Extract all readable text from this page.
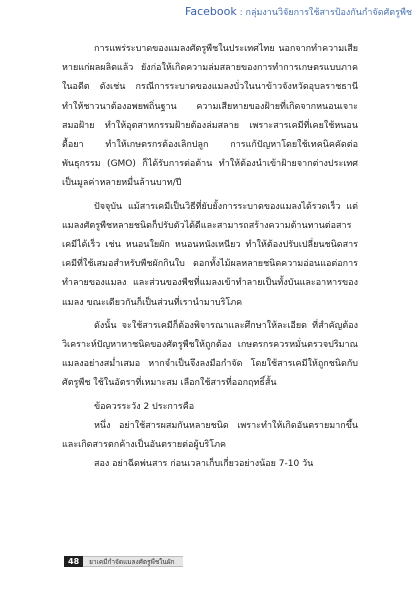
Facebook : กลุ่มงานวิจัยการใช้สารป้องกันกำจัดศัตรูพืช

การแพร่ระบาดของแมลงศัตรูพืชในประเทศไทย นอกจากทำความเสียหายแก่ผลผลิตแล้ว ยังก่อให้เกิดความล่มสลายของการทำการเกษตรแบบภาคในอดีต ดังเช่น กรณีการระบาดของแมลงบั่วในนาข้าวจังหวัดอุบลราชธานี ทำให้ชาวนาต้องอพยพถิ่นฐาน ความเสียหายของฝ้ายที่เกิดจากหนอนเจาะสมอฝ้าย ทำให้อุตสาหกรรมฝ้ายต้องล่มสลาย เพราะสารเคมีที่เคยใช้หนอนดื้อยา ทำให้เกษตรกรต้องเลิกปลูก การแก้ปัญหาโดยใช้เทคนิคคัดต่อพันธุกรรม (GMO) ก็ได้รับการต่อต้าน ทำให้ต้องนำเข้าฝ้ายจากต่างประเทศเป็นมูลค่าหลายหมื่นล้านบาท/ปี

ปัจจุบัน แม้สารเคมีเป็นวิธีที่ยับยั้งการระบาดของแมลงได้รวดเร็ว แต่แมลงศัตรูพืชหลายชนิดก็ปรับตัวได้ดีและสามารถสร้างความต้านทานต่อสารเคมีได้เร็ว เช่น หนอนใยผัก หนอนหนังเหนียว ทำให้ต้องปรับเปลี่ยนชนิดสารเคมีที่ใช้เสมอสำหรับพืชผักกินใบ ดอกทั้งไม้ผลหลายชนิดความอ่อนแอต่อการทำลายของแมลง และส่วนของพืชที่แมลงเข้าทำลายเป็นทั้งบันและอาหารของแมลง ขณะเดียวกันก็เป็นส่วนที่เรานำมาบริโภค

ดังนั้น จะใช้สารเคมีก็ต้องพิจารณาและศึกษาให้ละเอียด ที่สำคัญต้องวิเคราะห์ปัญหาหาชนิดของศัตรูพืชให้ถูกต้อง เกษตรกรควรหมั่นตรวจปริมาณแมลงอย่างสม่ำเสมอ หากจำเป็นจึงลงมือกำจัด โดยใช้สารเคมีให้ถูกชนิดกับศัตรูพืช ใช้ในอัตราที่เหมาะสม เลือกใช้สารที่ออกฤทธิ์สั้น

ข้อควรระวัง 2 ประการคือ

หนึ่ง อย่าใช้สารผสมกันหลายชนิด เพราะทำให้เกิดอันตรายมากขึ้น และเกิดสารตกค้างเป็นอันตรายต่อผู้บริโภค

สอง อย่าฉีดพ่นสาร ก่อนเวลาเก็บเกี่ยวอย่างน้อย 7-10 วัน

48	ยาเคมีกำจัดแมลงศัตรูพืชในผัก
